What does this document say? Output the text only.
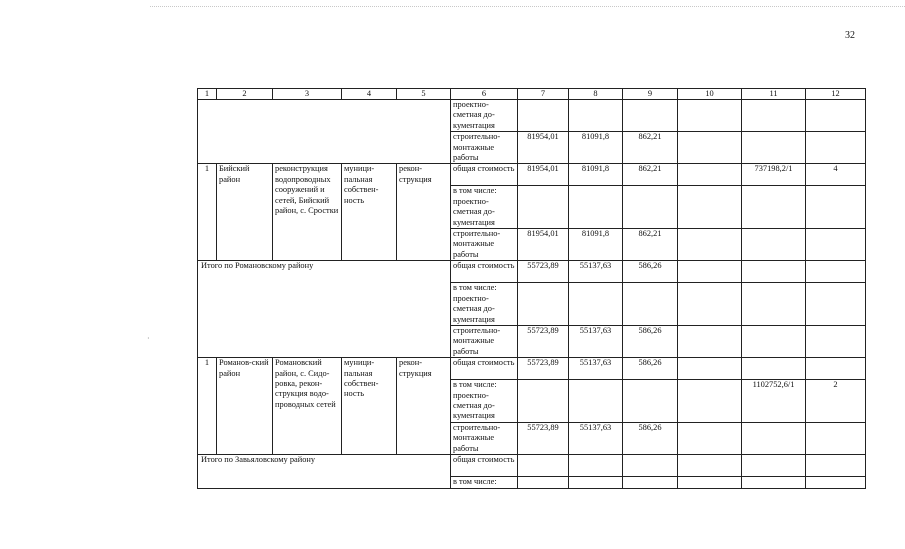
32
·
1	2	3	4	5	6	7	8	9	10	11	12
					проектно-сметная до-кументация						
					строительно-монтажные работы	81954,01	81091,8	862,21			
1	Бийский район	реконструкция водопроводных сооружений и сетей, Бийский район, с. Сростки	муници-пальная собствен-ность	рекон-струкция	общая стоимость	81954,01	81091,8	862,21		737198,2/1	4
					в том числе: проектно-сметная до-кументация						
					строительно-монтажные работы	81954,01	81091,8	862,21			
Итого по Романовскому району					общая стоимость	55723,89	55137,63	586,26			
					в том числе: проектно-сметная до-кументация						
					строительно-монтажные работы	55723,89	55137,63	586,26			
1	Романов-ский район	Романовский район, с. Сидо-ровка, рекон-струкция водо-проводных сетей	муници-пальная собствен-ность	рекон-струкция	общая стоимость	55723,89	55137,63	586,26			
					в том числе: проектно-сметная до-кументация					1102752,6/1	2
					строительно-монтажные работы	55723,89	55137,63	586,26			
Итого по Завьяловскому району					общая стоимость						
					в том числе:						
